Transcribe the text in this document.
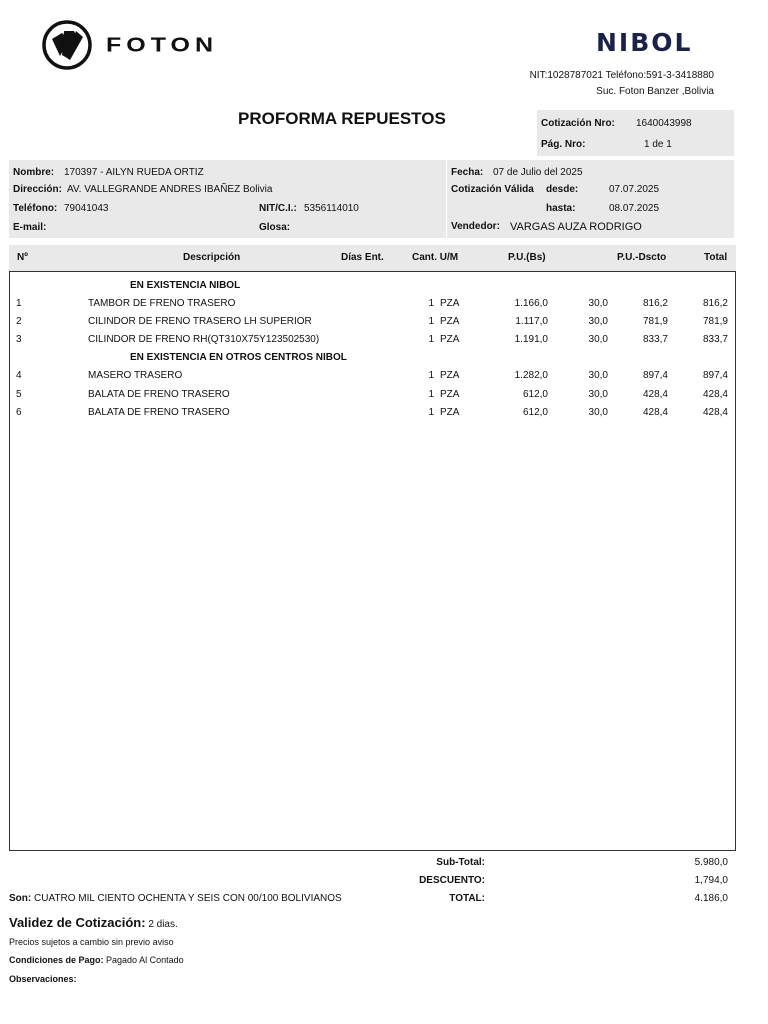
FOTON	NIBOL
NIT:1028787021 Teléfono:591-3-3418880
Suc. Foton Banzer ,Bolivia
PROFORMA REPUESTOS	Cotización Nro: 1640043998
Pág. Nro:	1 de 1
Nombre: 170397 - AILYN RUEDA ORTIZ
Dirección: AV. VALLEGRANDE ANDRES IBAÑEZ Bolivia
Teléfono: 79041043	NIT/C.I.: 5356114010
E-mail:	Glosa:
Fecha: 07 de Julio del 2025
Cotización Válida desde:	07.07.2025
hasta:	08.07.2025
Vendedor: VARGAS AUZA RODRIGO
Nº	Descripción	Días Ent.	Cant. U/M	P.U.(Bs)	P.U.-Dscto	Total
EN EXISTENCIA NIBOL
1	TAMBOR DE FRENO TRASERO	1 PZA	1.166,0	30,0	816,2	816,2
2	CILINDOR DE FRENO TRASERO LH SUPERIOR	1 PZA	1.117,0	30,0	781,9	781,9
3	CILINDOR DE FRENO RH(QT310X75Y123502530)	1 PZA	1.191,0	30,0	833,7	833,7
EN EXISTENCIA EN OTROS CENTROS NIBOL
4	MASERO TRASERO	1 PZA	1.282,0	30,0	897,4	897,4
5	BALATA DE FRENO TRASERO	1 PZA	612,0	30,0	428,4	428,4
6	BALATA DE FRENO TRASERO	1 PZA	612,0	30,0	428,4	428,4
Sub-Total:	5.980,0
DESCUENTO:	1,794,0
TOTAL:	4.186,0
Son: CUATRO MIL CIENTO OCHENTA Y SEIS CON 00/100 BOLIVIANOS
Validez de Cotización: 2 dias.
Precios sujetos a cambio sin previo aviso
Condiciones de Pago: Pagado Al Contado
Observaciones:
